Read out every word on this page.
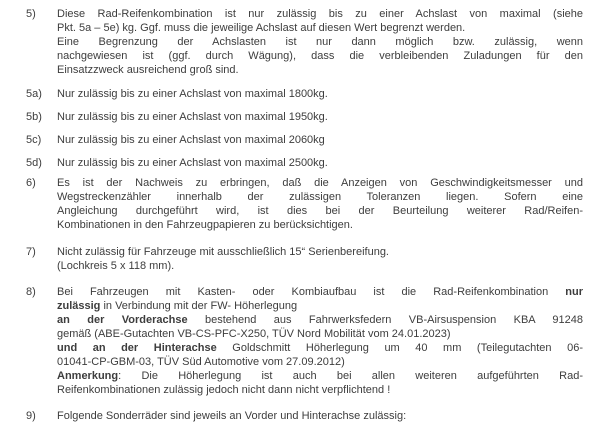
5)	Diese Rad-Reifenkombination ist nur zulässig bis zu einer Achslast von maximal (siehe
Pkt. 5a – 5e) kg. Ggf. muss die jeweilige Achslast auf diesen Wert begrenzt werden.
Eine Begrenzung der Achslasten ist nur dann möglich bzw. zulässig, wenn
nachgewiesen ist (ggf. durch Wägung), dass die verbleibenden Zuladungen für den
Einsatzzweck ausreichend groß sind.
5a)	Nur zulässig bis zu einer Achslast von maximal 1800kg.
5b)	Nur zulässig bis zu einer Achslast von maximal 1950kg.
5c)	Nur zulässig bis zu einer Achslast von maximal 2060kg
5d)	Nur zulässig bis zu einer Achslast von maximal 2500kg.
6)	Es ist der Nachweis zu erbringen, daß die Anzeigen von Geschwindigkeitsmesser und
Wegstreckenzähler innerhalb der zulässigen Toleranzen liegen. Sofern eine
Angleichung durchgeführt wird, ist dies bei der Beurteilung weiterer Rad/Reifen-
Kombinationen in den Fahrzeugpapieren zu berücksichtigen.
7)	Nicht zulässig für Fahrzeuge mit ausschließlich 15“ Serienbereifung.
(Lochkreis 5 x 118 mm).
8)	Bei Fahrzeugen mit Kasten- oder Kombiaufbau ist die Rad-Reifenkombination nur
zulässig in Verbindung mit der FW- Höherlegung
an der Vorderachse bestehend aus Fahrwerksfedern VB-Airsuspension KBA 91248
gemäß (ABE-Gutachten VB-CS-PFC-X250, TÜV Nord Mobilität vom 24.01.2023)
und an der Hinterachse Goldschmitt Höherlegung um 40 mm (Teilegutachten 06-
01041-CP-GBM-03, TÜV Süd Automotive vom 27.09.2012)
Anmerkung: Die Höherlegung ist auch bei allen weiteren aufgeführten Rad-
Reifenkombinationen zulässig jedoch nicht dann nicht verpflichtend !
9)	Folgende Sonderräder sind jeweils an Vorder und Hinterachse zulässig:
